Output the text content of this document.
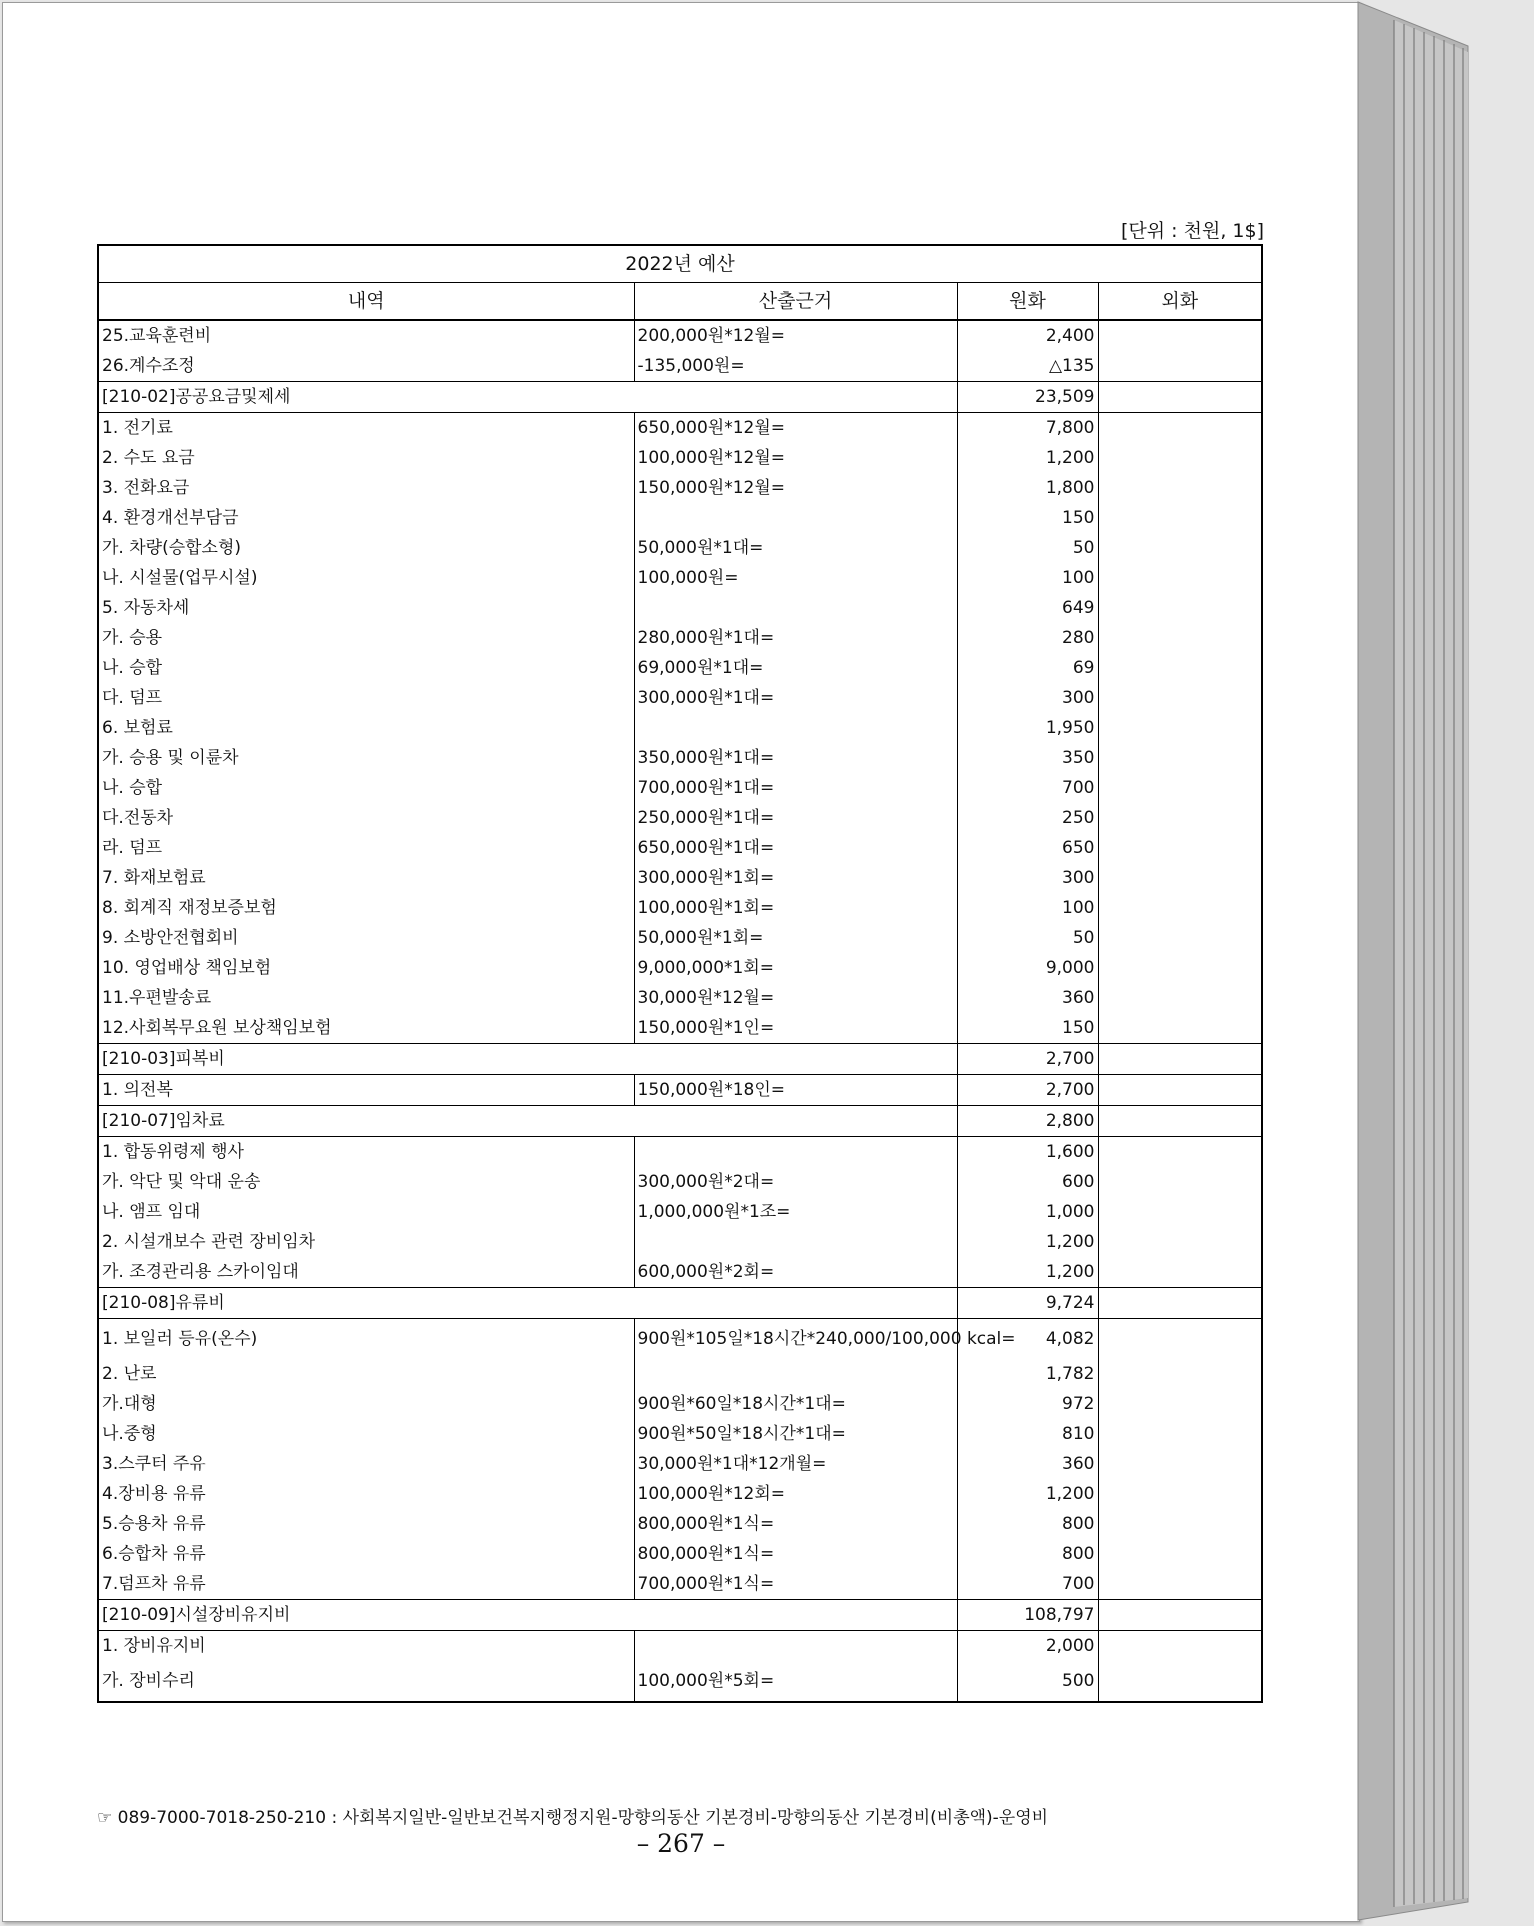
[단위 : 천원, 1$]
2022년 예산			
내역	산출근거	원화	외화
25.교육훈련비	200,000원*12월=	2,400	
26.계수조정	-135,000원=	△135	
[210-02]공공요금및제세		23,509	
1. 전기료	650,000원*12월=	7,800	
2. 수도 요금	100,000원*12월=	1,200	
3. 전화요금	150,000원*12월=	1,800	
4. 환경개선부담금		150	
가. 차량(승합소형)	50,000원*1대=	50	
나. 시설물(업무시설)	100,000원=	100	
5. 자동차세		649	
가. 승용	280,000원*1대=	280	
나. 승합	69,000원*1대=	69	
다. 덤프	300,000원*1대=	300	
6. 보험료		1,950	
가. 승용 및 이륜차	350,000원*1대=	350	
나. 승합	700,000원*1대=	700	
다.전동차	250,000원*1대=	250	
라. 덤프	650,000원*1대=	650	
7. 화재보험료	300,000원*1회=	300	
8. 회계직 재정보증보험	100,000원*1회=	100	
9. 소방안전협회비	50,000원*1회=	50	
10. 영업배상 책임보험	9,000,000*1회=	9,000	
11.우편발송료	30,000원*12월=	360	
12.사회복무요원 보상책임보험	150,000원*1인=	150	
[210-03]피복비		2,700	
1. 의전복	150,000원*18인=	2,700	
[210-07]임차료		2,800	
1. 합동위령제 행사		1,600	
가. 악단 및 악대 운송	300,000원*2대=	600	
나. 앰프 임대	1,000,000원*1조=	1,000	
2. 시설개보수 관련 장비임차		1,200	
가. 조경관리용 스카이임대	600,000원*2회=	1,200	
[210-08]유류비		9,724	
1. 보일러 등유(온수)	900원*105일*18시간*240,000/100,000 kcal=	4,082	
2. 난로		1,782	
가.대형	900원*60일*18시간*1대=	972	
나.중형	900원*50일*18시간*1대=	810	
3.스쿠터 주유	30,000원*1대*12개월=	360	
4.장비용 유류	100,000원*12회=	1,200	
5.승용차 유류	800,000원*1식=	800	
6.승합차 유류	800,000원*1식=	800	
7.덤프차 유류	700,000원*1식=	700	
[210-09]시설장비유지비		108,797	
1. 장비유지비		2,000	
가. 장비수리	100,000원*5회=	500	
☞ 089-7000-7018-250-210 : 사회복지일반-일반보건복지행정지원-망향의동산 기본경비-망향의동산 기본경비(비총액)-운영비
– 267 –
